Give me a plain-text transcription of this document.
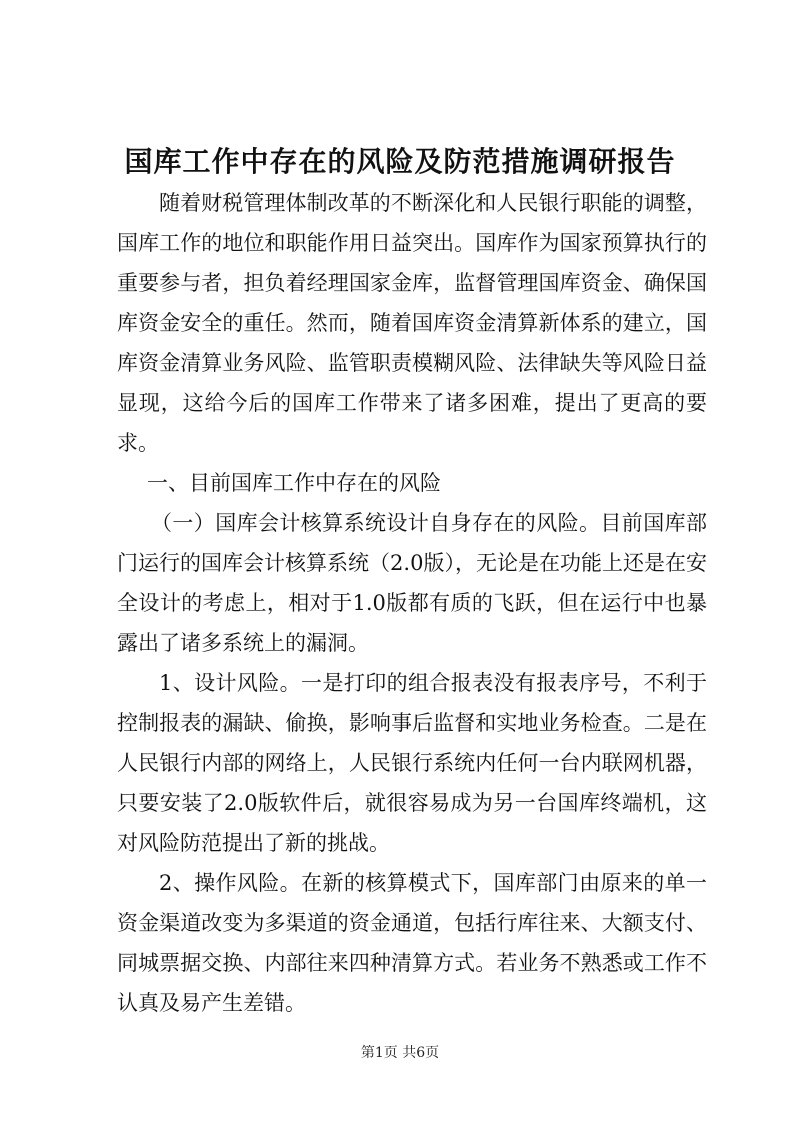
国库工作中存在的风险及防范措施调研报告

随着财税管理体制改革的不断深化和人民银行职能的调整，国库工作的地位和职能作用日益突出。国库作为国家预算执行的重要参与者，担负着经理国家金库，监督管理国库资金、确保国库资金安全的重任。然而，随着国库资金清算新体系的建立，国库资金清算业务风险、监管职责模糊风险、法律缺失等风险日益显现，这给今后的国库工作带来了诸多困难，提出了更高的要求。

一、目前国库工作中存在的风险

（一）国库会计核算系统设计自身存在的风险。目前国库部门运行的国库会计核算系统（2.0版），无论是在功能上还是在安全设计的考虑上，相对于1.0版都有质的飞跃，但在运行中也暴露出了诸多系统上的漏洞。

1、设计风险。一是打印的组合报表没有报表序号，不利于控制报表的漏缺、偷换，影响事后监督和实地业务检查。二是在人民银行内部的网络上，人民银行系统内任何一台内联网机器，只要安装了2.0版软件后，就很容易成为另一台国库终端机，这对风险防范提出了新的挑战。

2、操作风险。在新的核算模式下，国库部门由原来的单一资金渠道改变为多渠道的资金通道，包括行库往来、大额支付、同城票据交换、内部往来四种清算方式。若业务不熟悉或工作不认真及易产生差错。

第1页 共6页
